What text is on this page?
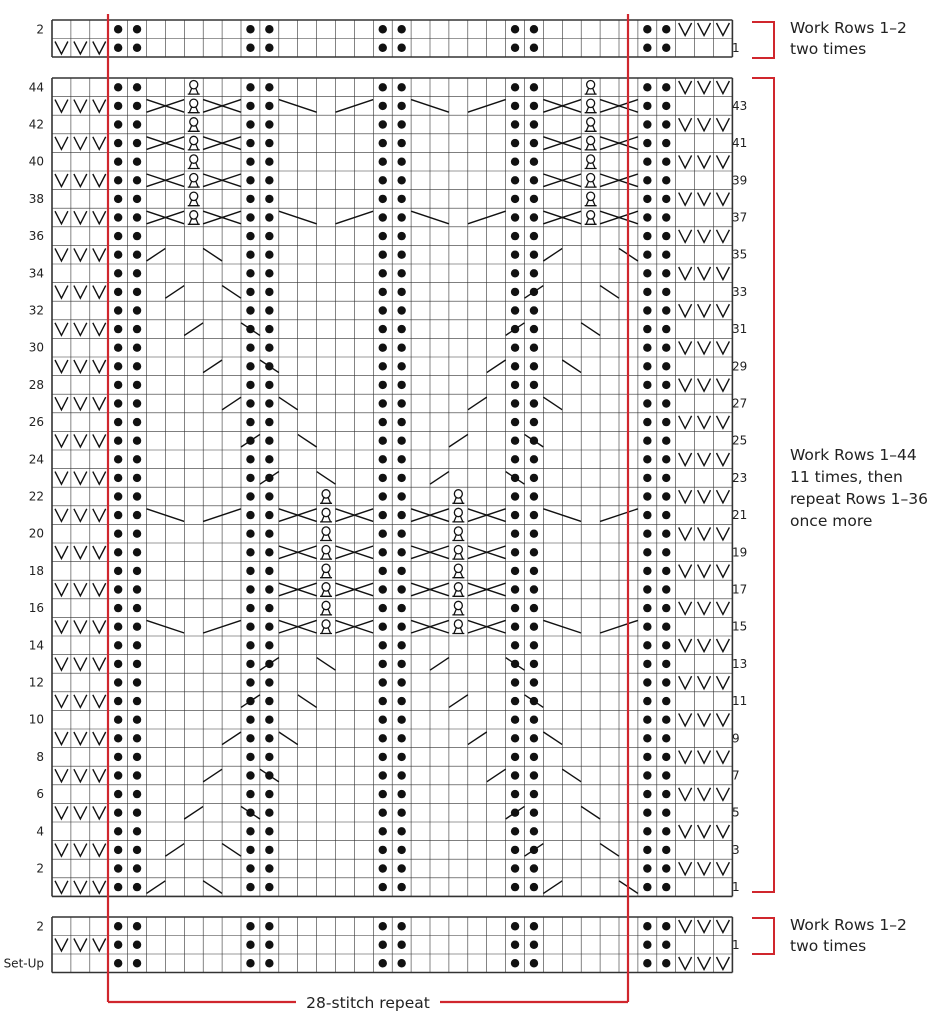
2
1
44
43
42
41
40
39
38
37
36
35
34
33
32
31
30
29
28
27
26
25
24
23
22
21
20
19
18
17
16
15
14
13
12
11
10
9
8
7
6
5
4
3
2
1
2
1
Set-Up
Work Rows 1–2
two times
Work Rows 1–44
11 times, then
repeat Rows 1–36
once more
Work Rows 1–2
two times
28-stitch repeat
